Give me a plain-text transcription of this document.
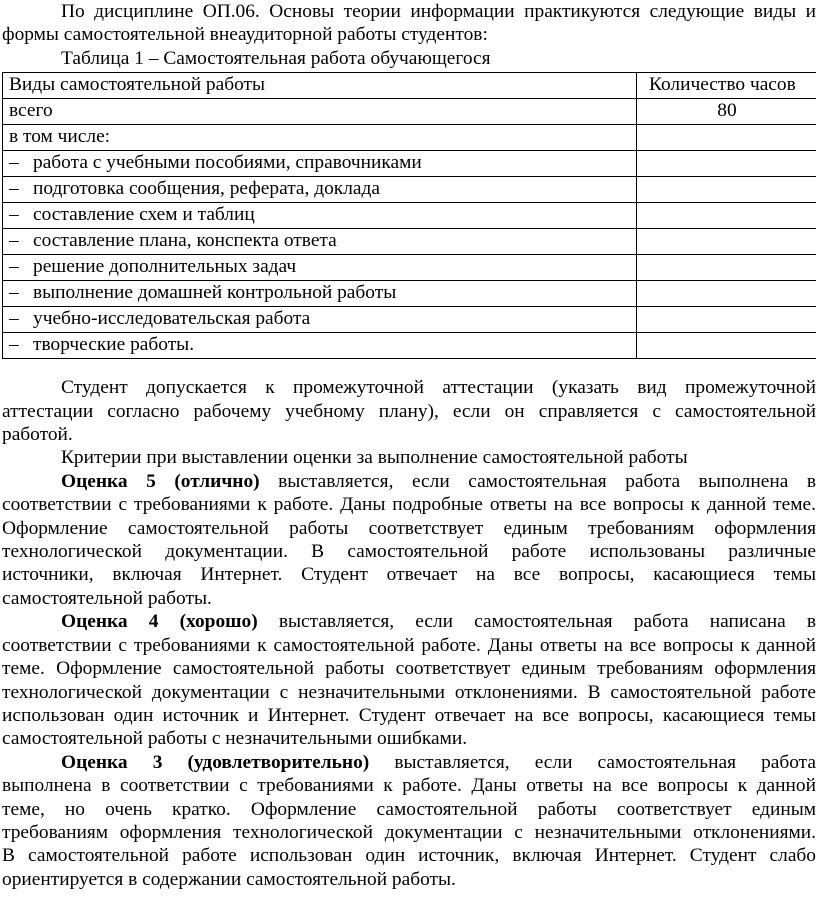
По дисциплине ОП.06. Основы теории информации практикуются следующие виды и

формы самостоятельной внеаудиторной работы студентов:

Таблица 1 – Самостоятельная работа обучающегося

Виды самостоятельной работы	Количество часов
всего	80
в том числе:	
– работа с учебными пособиями, справочниками	
– подготовка сообщения, реферата, доклада	
– составление схем и таблиц	
– составление плана, конспекта ответа	
– решение дополнительных задач	
– выполнение домашней контрольной работы	
– учебно-исследовательская работа	
– творческие работы.	

Студент допускается к промежуточной аттестации (указать вид промежуточной

аттестации согласно рабочему учебному плану), если он справляется с самостоятельной

работой.

Критерии при выставлении оценки за выполнение самостоятельной работы

Оценка 5 (отлично) выставляется, если самостоятельная работа выполнена в

соответствии с требованиями к работе. Даны подробные ответы на все вопросы к данной теме.

Оформление самостоятельной работы соответствует единым требованиям оформления

технологической документации. В самостоятельной работе использованы различные

источники, включая Интернет. Студент отвечает на все вопросы, касающиеся темы

самостоятельной работы.

Оценка 4 (хорошо) выставляется, если самостоятельная работа написана в

соответствии с требованиями к самостоятельной работе. Даны ответы на все вопросы к данной

теме. Оформление самостоятельной работы соответствует единым требованиям оформления

технологической документации с незначительными отклонениями. В самостоятельной работе

использован один источник и Интернет. Студент отвечает на все вопросы, касающиеся темы

самостоятельной работы с незначительными ошибками.

Оценка 3 (удовлетворительно) выставляется, если самостоятельная работа

выполнена в соответствии с требованиями к работе. Даны ответы на все вопросы к данной

теме, но очень кратко. Оформление самостоятельной работы соответствует единым

требованиям оформления технологической документации с незначительными отклонениями.

В самостоятельной работе использован один источник, включая Интернет. Студент слабо

ориентируется в содержании самостоятельной работы.
